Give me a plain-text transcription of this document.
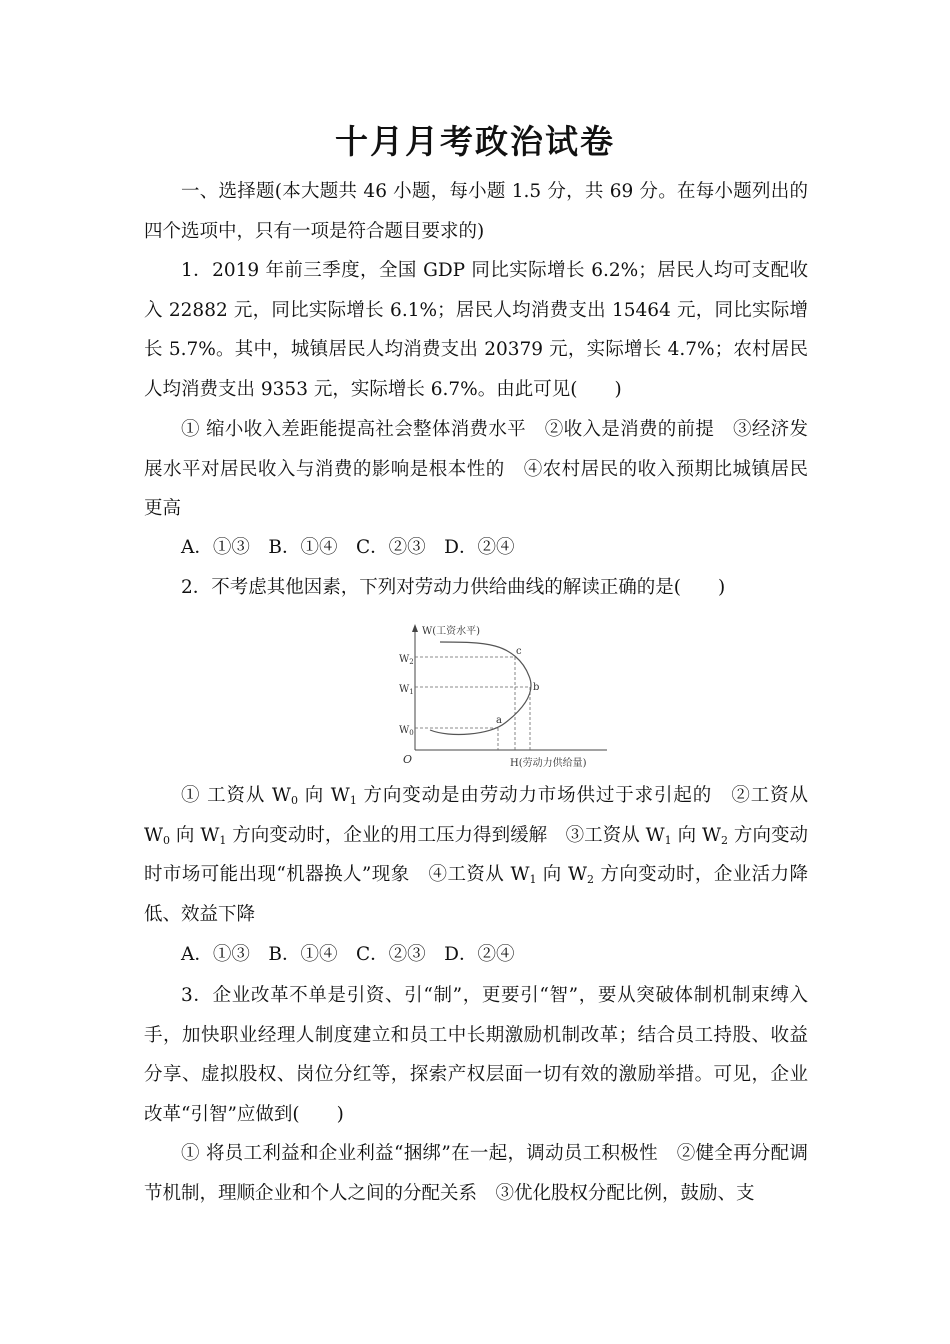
十月月考政治试卷

一、选择题(本大题共 46 小题，每小题 1.5 分，共 69 分。在每小题列出的四个选项中，只有一项是符合题目要求的)

1．2019 年前三季度，全国 GDP 同比实际增长 6.2%；居民人均可支配收入 22882 元，同比实际增长 6.1%；居民人均消费支出 15464 元，同比实际增长 5.7%。其中，城镇居民人均消费支出 20379 元，实际增长 4.7%；农村居民人均消费支出 9353 元，实际增长 6.7%。由此可见(　　)

① 缩小收入差距能提高社会整体消费水平　②收入是消费的前提　③经济发展水平对居民收入与消费的影响是根本性的　④农村居民的收入预期比城镇居民更高

A．①③　B．①④　C．②③　D．②④

2．不考虑其他因素，下列对劳动力供给曲线的解读正确的是(　　)

W(工资水平)
H(劳动力供给量)
O
$W_2$
$W_1$
$W_0$
a
b
c

① 工资从 $W_0$ 向 $W_1$ 方向变动是由劳动力市场供过于求引起的　②工资从 $W_0$ 向 $W_1$ 方向变动时，企业的用工压力得到缓解　③工资从 $W_1$ 向 $W_2$ 方向变动时市场可能出现“机器换人”现象　④工资从 $W_1$ 向 $W_2$ 方向变动时，企业活力降低、效益下降

A．①③　B．①④　C．②③　D．②④

3．企业改革不单是引资、引“制”，更要引“智”，要从突破体制机制束缚入手，加快职业经理人制度建立和员工中长期激励机制改革；结合员工持股、收益分享、虚拟股权、岗位分红等，探索产权层面一切有效的激励举措。可见，企业改革“引智”应做到(　　)

① 将员工利益和企业利益“捆绑”在一起，调动员工积极性　②健全再分配调节机制，理顺企业和个人之间的分配关系　③优化股权分配比例，鼓励、支
